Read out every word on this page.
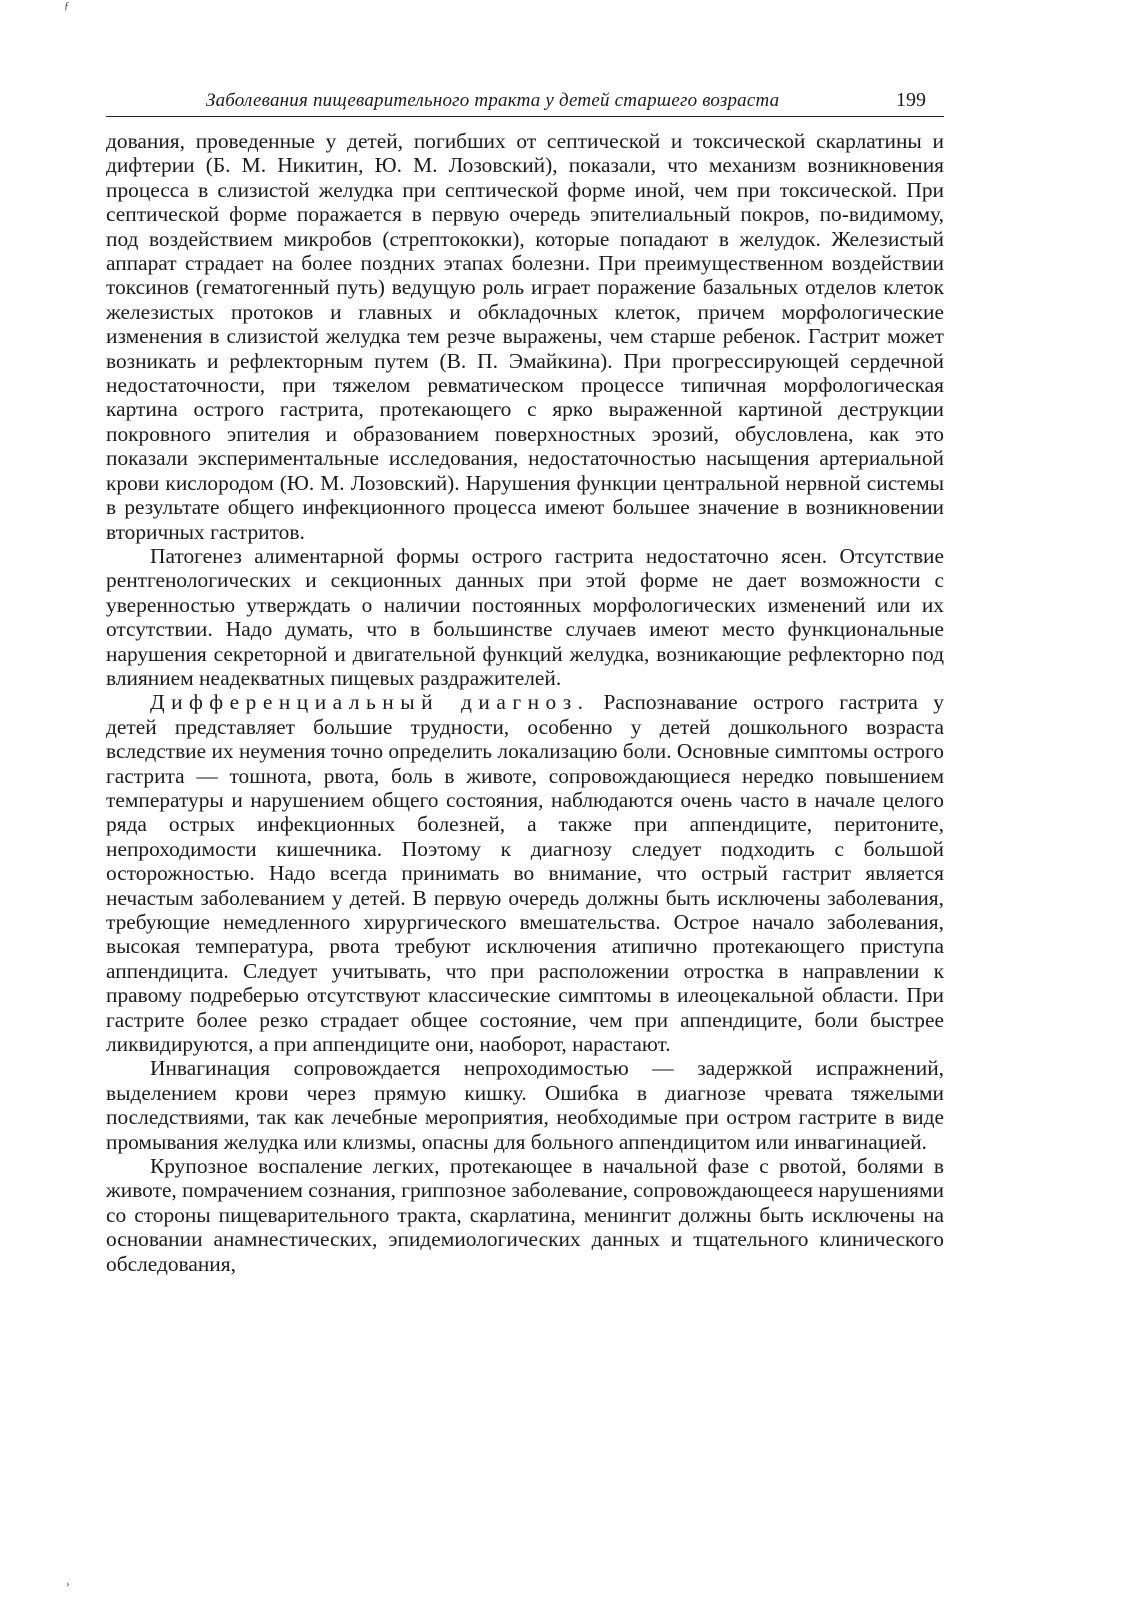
ƒ
Заболевания пищеварительного тракта у детей старшего возраста	199

дования, проведенные у детей, погибших от септической и токсической скарлатины и дифтерии (Б. М. Никитин, Ю. М. Лозовский), показали, что механизм возникновения процесса в слизистой желудка при септической форме иной, чем при токсической. При септической форме поражается в первую очередь эпителиальный покров, по-видимому, под воздействием микробов (стрептококки), которые попадают в желудок. Железистый аппарат страдает на более поздних этапах болезни. При преимущественном воздействии токсинов (гематогенный путь) ведущую роль играет поражение базальных отделов клеток железистых протоков и главных и обкладочных клеток, причем морфологические изменения в слизистой желудка тем резче выражены, чем старше ребенок. Гастрит может возникать и рефлекторным путем (В. П. Эмайкина). При прогрессирующей сердечной недостаточности, при тяжелом ревматическом процессе типичная морфологическая картина острого гастрита, протекающего с ярко выраженной картиной деструкции покровного эпителия и образованием поверхностных эрозий, обусловлена, как это показали экспериментальные исследования, недостаточностью насыщения артериальной крови кислородом (Ю. М. Лозовский). Нарушения функции центральной нервной системы в результате общего инфекционного процесса имеют большее значение в возникновении вторичных гастритов.

Патогенез алиментарной формы острого гастрита недостаточно ясен. Отсутствие рентгенологических и секционных данных при этой форме не дает возможности с уверенностью утверждать о наличии постоянных морфологических изменений или их отсутствии. Надо думать, что в большинстве случаев имеют место функциональные нарушения секреторной и двигательной функций желудка, возникающие рефлекторно под влиянием неадекватных пищевых раздражителей.

Дифференциальный диагноз. Распознавание острого гастрита у детей представляет большие трудности, особенно у детей дошкольного возраста вследствие их неумения точно определить локализацию боли. Основные симптомы острого гастрита — тошнота, рвота, боль в животе, сопровождающиеся нередко повышением температуры и нарушением общего состояния, наблюдаются очень часто в начале целого ряда острых инфекционных болезней, а также при аппендиците, перитоните, непроходимости кишечника. Поэтому к диагнозу следует подходить с большой осторожностью. Надо всегда принимать во внимание, что острый гастрит является нечастым заболеванием у детей. В первую очередь должны быть исключены заболевания, требующие немедленного хирургического вмешательства. Острое начало заболевания, высокая температура, рвота требуют исключения атипично протекающего приступа аппендицита. Следует учитывать, что при расположении отростка в направлении к правому подреберью отсутствуют классические симптомы в илеоцекальной области. При гастрите более резко страдает общее состояние, чем при аппендиците, боли быстрее ликвидируются, а при аппендиците они, наоборот, нарастают.

Инвагинация сопровождается непроходимостью — задержкой испражнений, выделением крови через прямую кишку. Ошибка в диагнозе чревата тяжелыми последствиями, так как лечебные мероприятия, необходимые при остром гастрите в виде промывания желудка или клизмы, опасны для больного аппендицитом или инвагинацией.

Крупозное воспаление легких, протекающее в начальной фазе с рвотой, болями в животе, помрачением сознания, гриппозное заболевание, сопровождающееся нарушениями со стороны пищеварительного тракта, скарлатина, менингит должны быть исключены на основании анамнестических, эпидемиологических данных и тщательного клинического обследования,

›
